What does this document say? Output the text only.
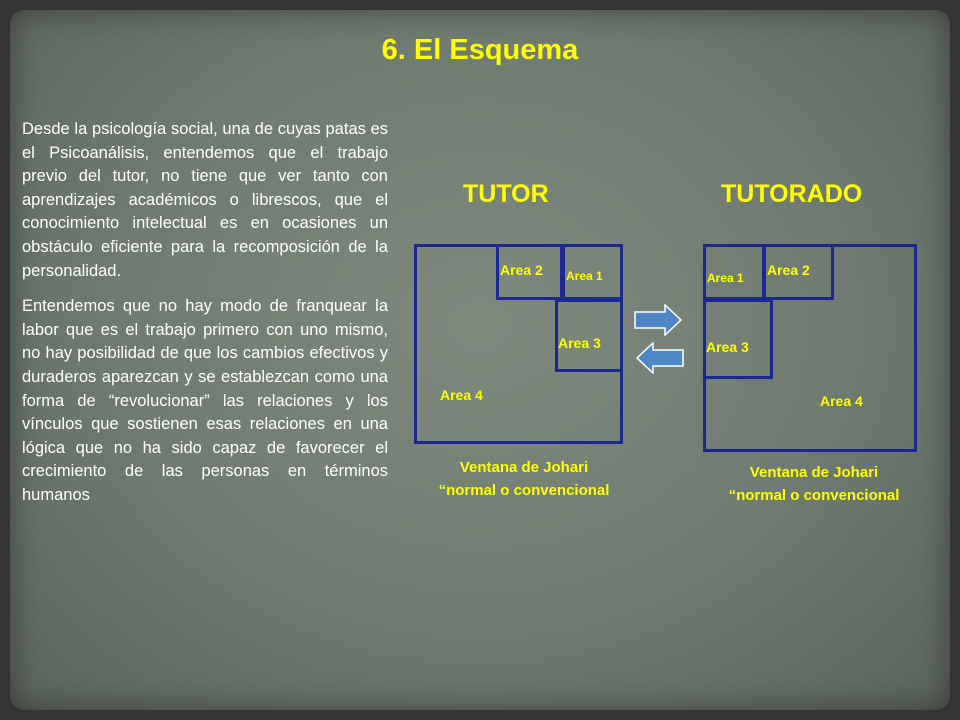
6. El Esquema

Desde la psicología social, una de cuyas patas es el Psicoanálisis, entendemos que el trabajo previo del tutor, no tiene que ver tanto con aprendizajes académicos o librescos, que el conocimiento intelectual es en ocasiones un obstáculo eficiente para la recomposición de la personalidad.

Entendemos que no hay modo de franquear la labor que es el trabajo primero con uno mismo, no hay posibilidad de que los cambios efectivos y duraderos aparezcan y se establezcan como una forma de “revolucionar” las relaciones y los vínculos que sostienen esas relaciones en una lógica que no ha sido capaz de favorecer el crecimiento de las personas en términos humanos

TUTOR
Area 2 Area 1
Area 3
Area 4
Ventana de Johari
“normal o convencional
TUTORADO
Area 1 Area 2
Area 3
Area 4
Ventana de Johari
“normal o convencional
